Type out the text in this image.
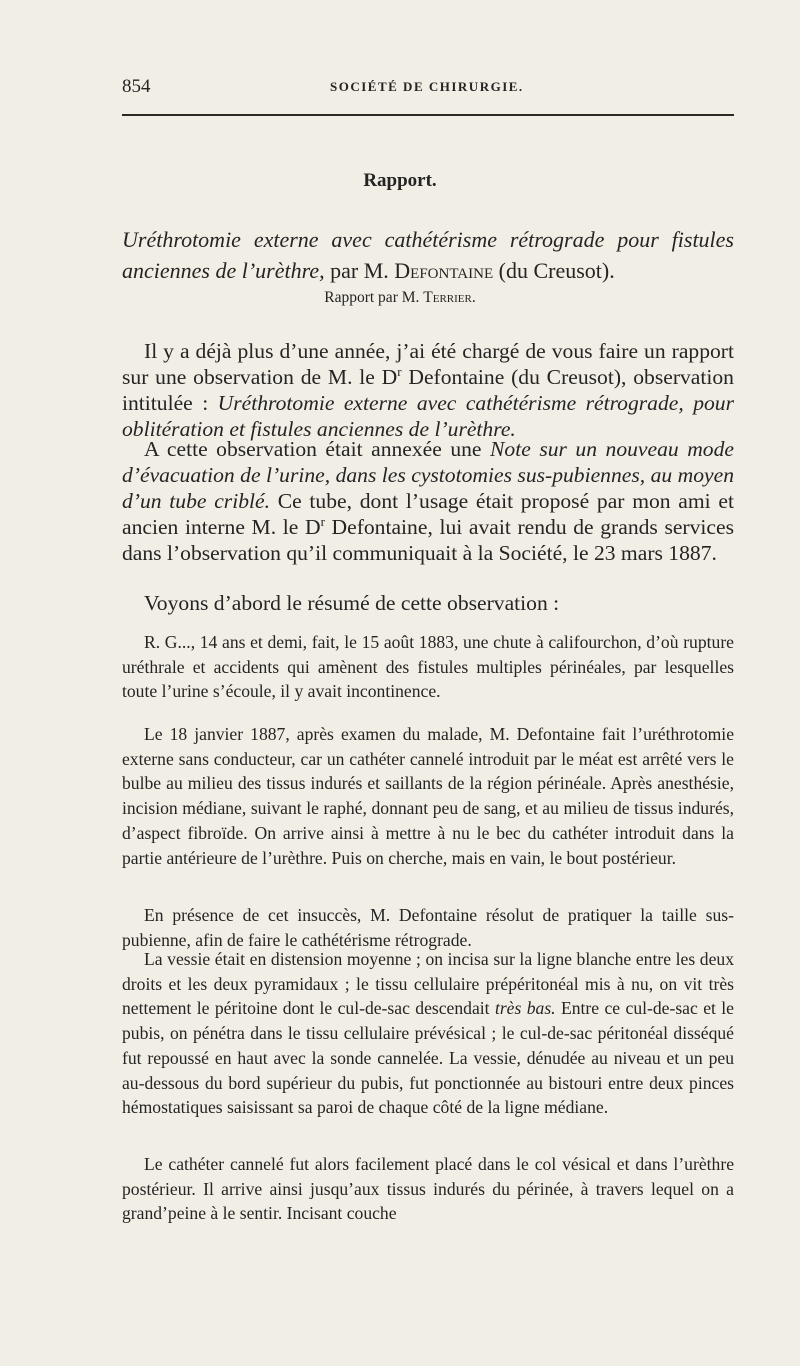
854	SOCIÉTÉ DE CHIRURGIE.
Rapport.

Uréthrotomie externe avec cathétérisme rétrograde pour fistules anciennes de l’urèthre, par M. Defontaine (du Creusot).

Rapport par M. Terrier.

Il y a déjà plus d’une année, j’ai été chargé de vous faire un rapport sur une observation de M. le $D^r$ Defontaine (du Creusot), observation intitulée : Uréthrotomie externe avec cathétérisme rétrograde, pour oblitération et fistules anciennes de l’urèthre.

A cette observation était annexée une Note sur un nouveau mode d’évacuation de l’urine, dans les cystotomies sus-pubiennes, au moyen d’un tube criblé. Ce tube, dont l’usage était proposé par mon ami et ancien interne M. le $D^r$ Defontaine, lui avait rendu de grands services dans l’observation qu’il communiquait à la Société, le 23 mars 1887.

Voyons d’abord le résumé de cette observation :

R. G..., 14 ans et demi, fait, le 15 août 1883, une chute à califourchon, d’où rupture uréthrale et accidents qui amènent des fistules multiples périnéales, par lesquelles toute l’urine s’écoule, il y avait incontinence.

Le 18 janvier 1887, après examen du malade, M. Defontaine fait l’uréthrotomie externe sans conducteur, car un cathéter cannelé introduit par le méat est arrêté vers le bulbe au milieu des tissus indurés et saillants de la région périnéale. Après anesthésie, incision médiane, suivant le raphé, donnant peu de sang, et au milieu de tissus indurés, d’aspect fibroïde. On arrive ainsi à mettre à nu le bec du cathéter introduit dans la partie antérieure de l’urèthre. Puis on cherche, mais en vain, le bout postérieur.

En présence de cet insuccès, M. Defontaine résolut de pratiquer la taille sus-pubienne, afin de faire le cathétérisme rétrograde.

La vessie était en distension moyenne ; on incisa sur la ligne blanche entre les deux droits et les deux pyramidaux ; le tissu cellulaire prépéritonéal mis à nu, on vit très nettement le péritoine dont le cul-de-sac descendait très bas. Entre ce cul-de-sac et le pubis, on pénétra dans le tissu cellulaire prévésical ; le cul-de-sac péritonéal disséqué fut repoussé en haut avec la sonde cannelée. La vessie, dénudée au niveau et un peu au-dessous du bord supérieur du pubis, fut ponctionnée au bistouri entre deux pinces hémostatiques saisissant sa paroi de chaque côté de la ligne médiane.

Le cathéter cannelé fut alors facilement placé dans le col vésical et dans l’urèthre postérieur. Il arrive ainsi jusqu’aux tissus indurés du périnée, à travers lequel on a grand’peine à le sentir. Incisant couche
